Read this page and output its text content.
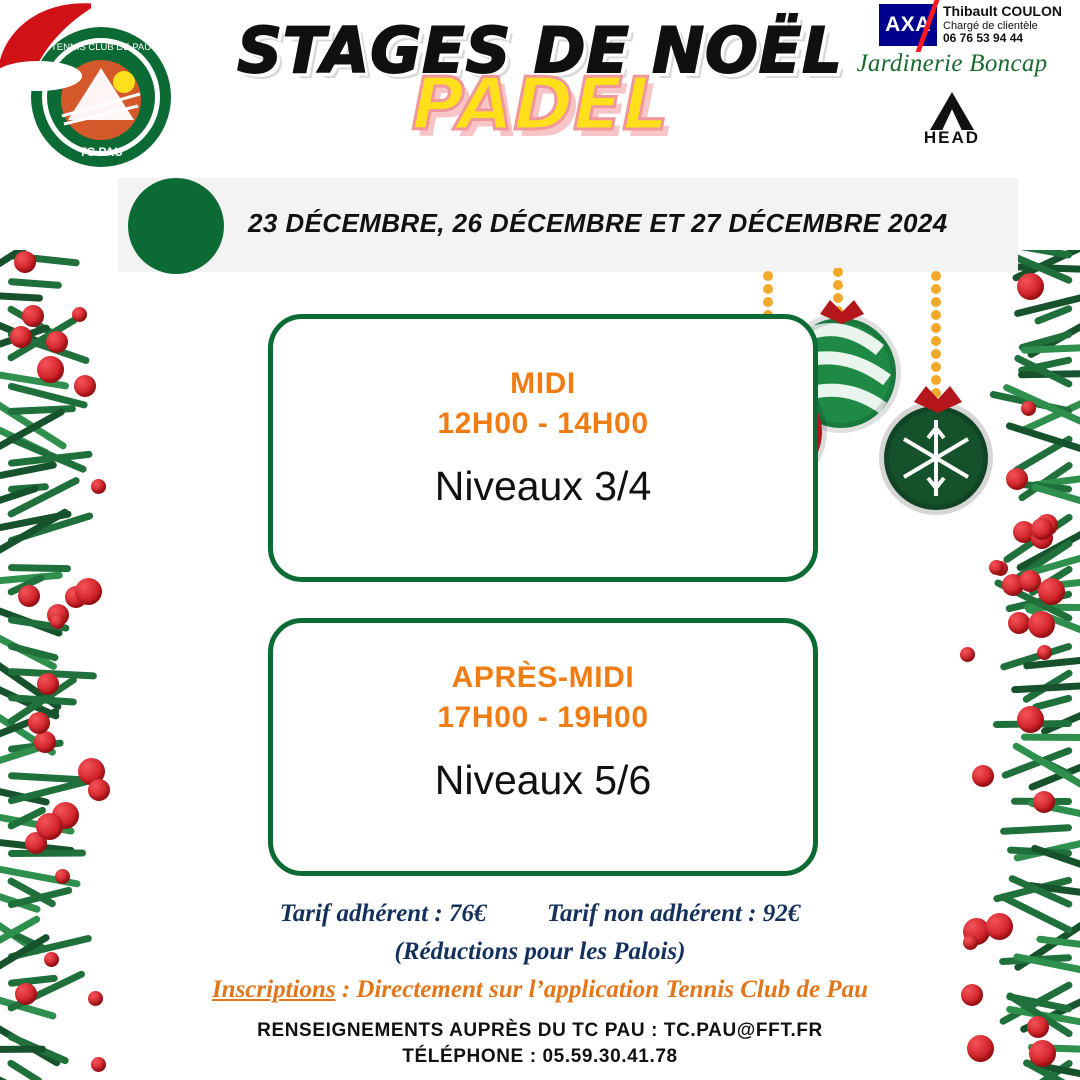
TENNIS CLUB DE PAU
TC PAU
AXA
Thibault COULON
Chargé de clientèle
06 76 53 94 44
Jardinerie Boncap
HEAD
STAGES DE NOËL
PADEL
23 DÉCEMBRE, 26 DÉCEMBRE ET 27 DÉCEMBRE 2024
MIDI
12H00 - 14H00
Niveaux 3/4
APRÈS-MIDI
17H00 - 19H00
Niveaux 5/6
Tarif adhérent : 76€ Tarif non adhérent : 92€
(Réductions pour les Palois)
Inscriptions : Directement sur l’application Tennis Club de Pau
RENSEIGNEMENTS AUPRÈS DU TC PAU : TC.PAU@FFT.FR
TÉLÉPHONE : 05.59.30.41.78
